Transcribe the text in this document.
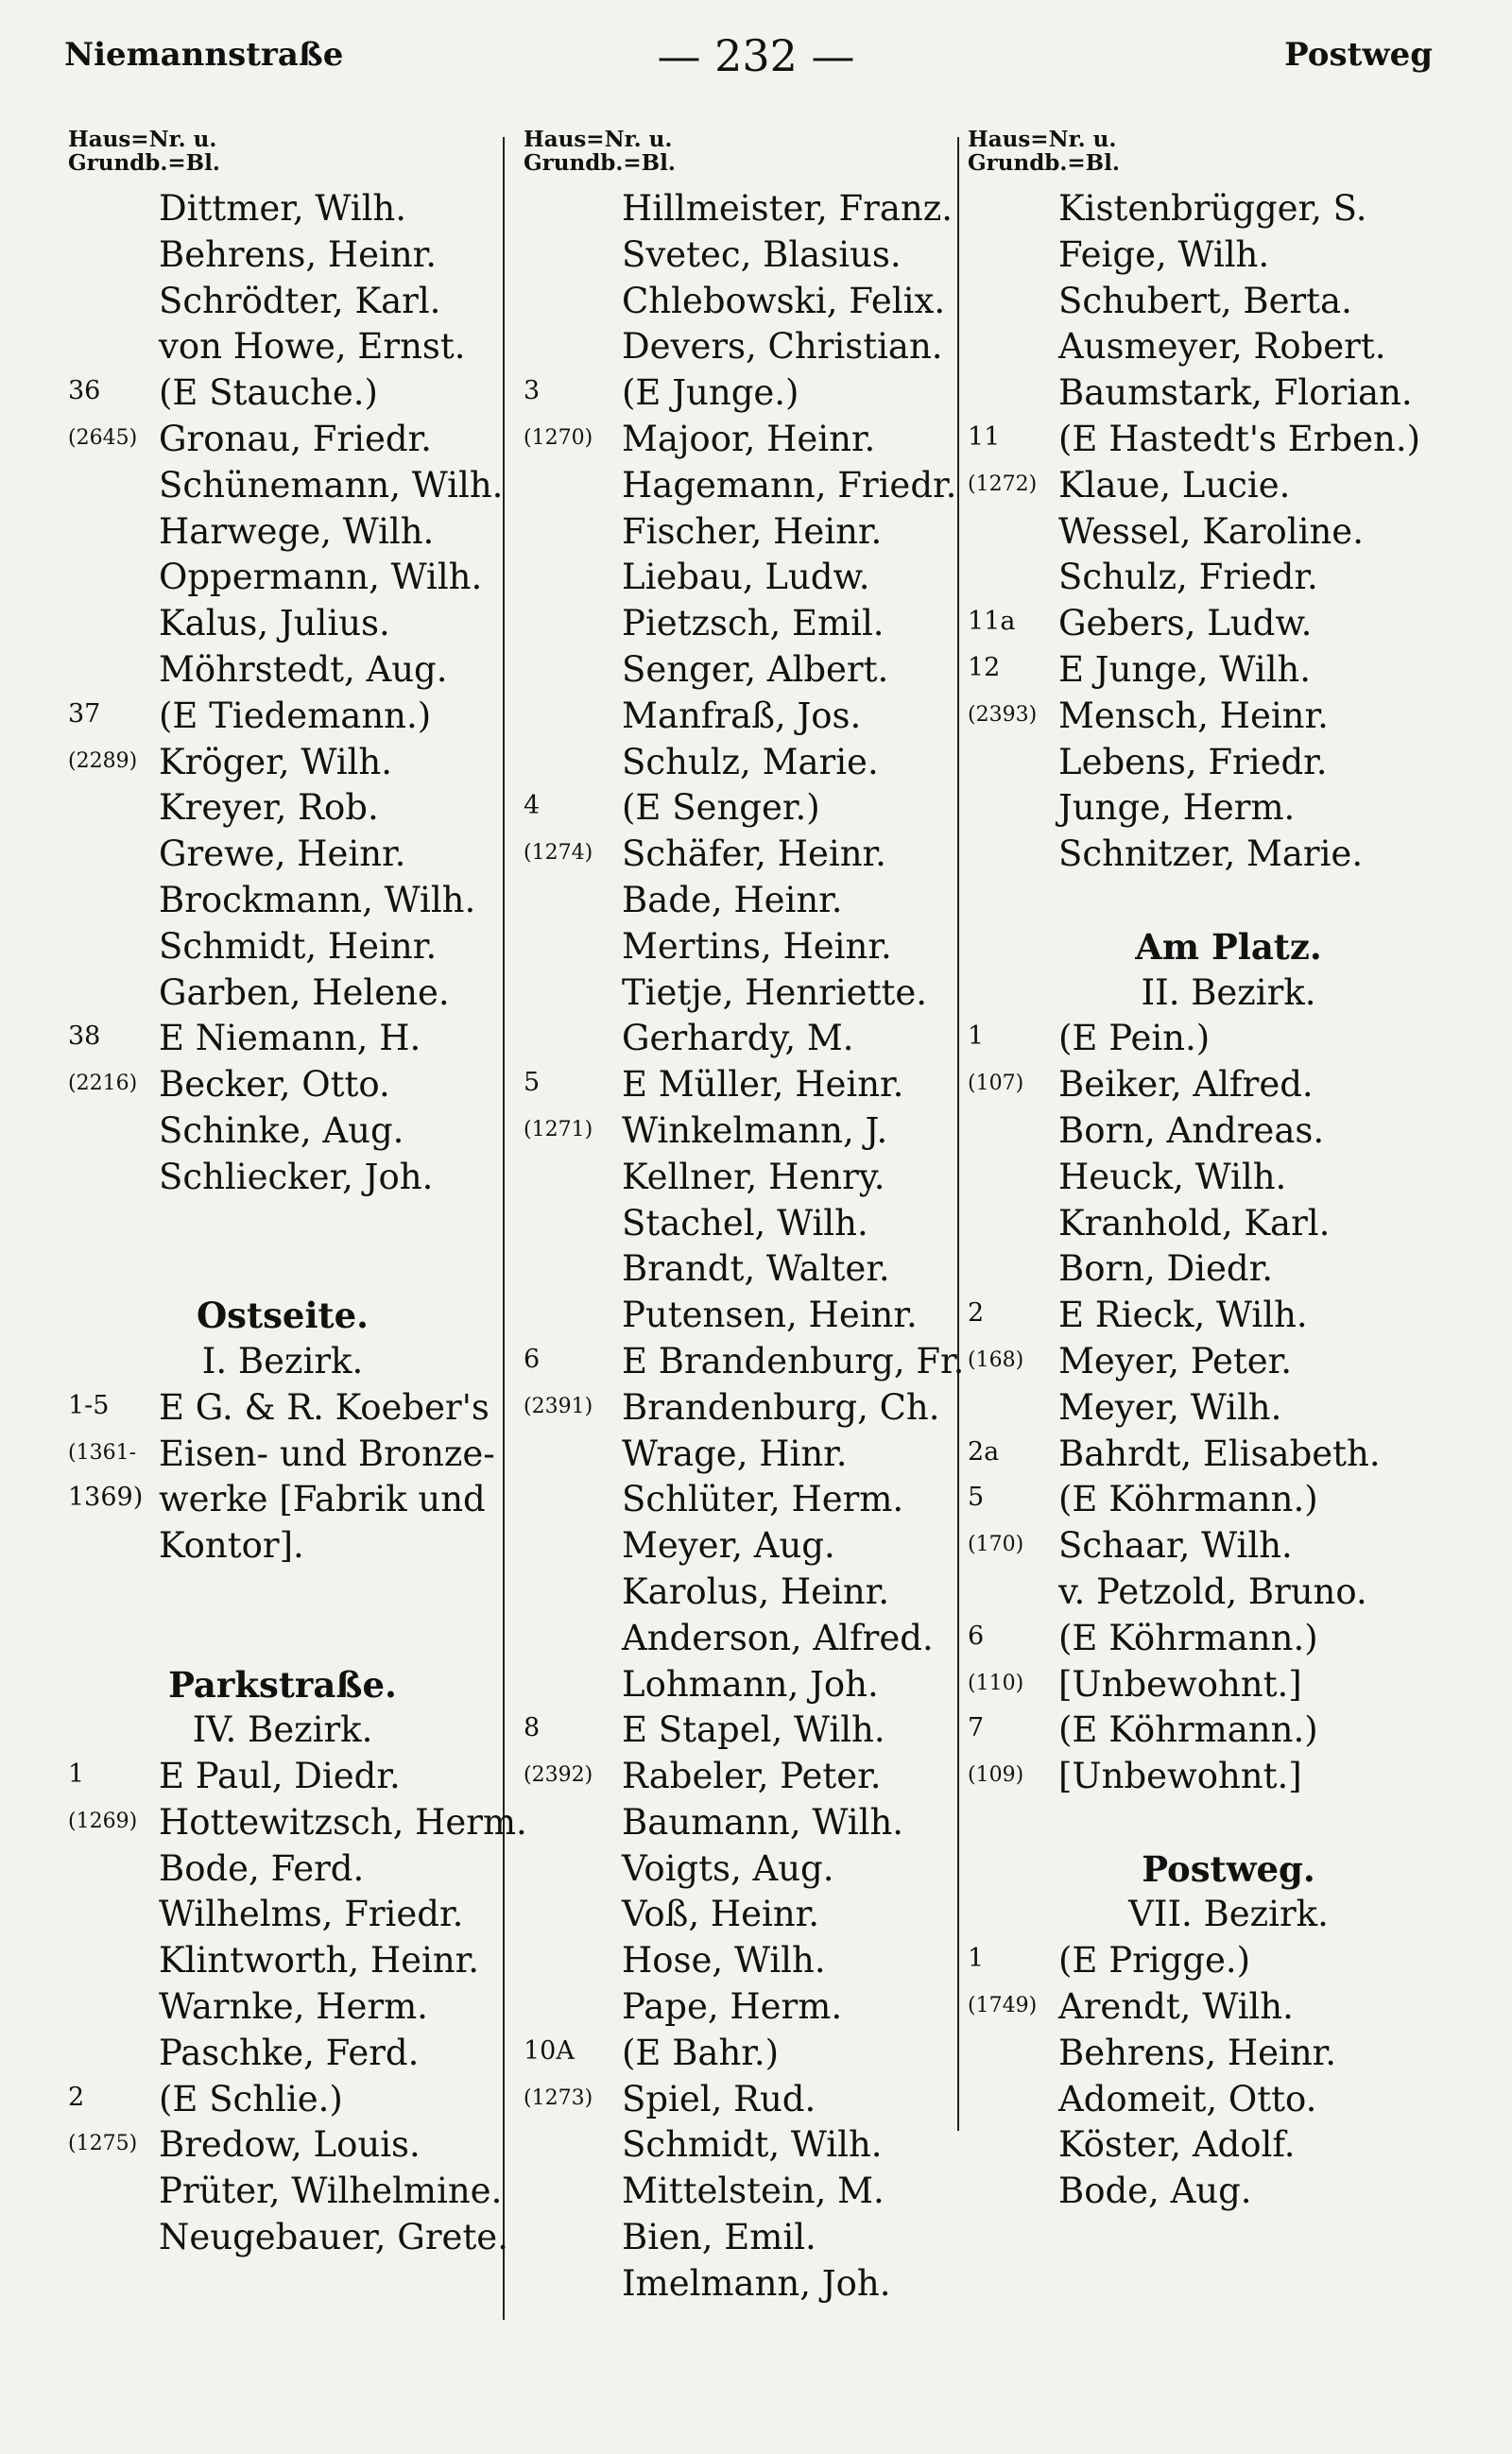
Niemannstraße	— 232 —	Postweg
Haus=Nr. u.
Grundb.=Bl.
Dittmer, Wilh.
Behrens, Heinr.
Schrödter, Karl.
von Howe, Ernst.
36 (E Stauche.)
(2645) Gronau, Friedr.
Schünemann, Wilh.
Harwege, Wilh.
Oppermann, Wilh.
Kalus, Julius.
Möhrstedt, Aug.
37 (E Tiedemann.)
(2289) Kröger, Wilh.
Kreyer, Rob.
Grewe, Heinr.
Brockmann, Wilh.
Schmidt, Heinr.
Garben, Helene.
38 E Niemann, H.
(2216) Becker, Otto.
Schinke, Aug.
Schliecker, Joh.
Ostseite.
I. Bezirk.
1-5 E G. & R. Koeber's
(1361- Eisen- und Bronze-
1369) werke [Fabrik und
Kontor].
Parkstraße.
IV. Bezirk.
1 E Paul, Diedr.
(1269) Hottewitzsch, Herm.
Bode, Ferd.
Wilhelms, Friedr.
Klintworth, Heinr.
Warnke, Herm.
Paschke, Ferd.
2 (E Schlie.)
(1275) Bredow, Louis.
Prüter, Wilhelmine.
Neugebauer, Grete.
Haus=Nr. u.
Grundb.=Bl.
Hillmeister, Franz.
Svetec, Blasius.
Chlebowski, Felix.
Devers, Christian.
3 (E Junge.)
(1270) Majoor, Heinr.
Hagemann, Friedr.
Fischer, Heinr.
Liebau, Ludw.
Pietzsch, Emil.
Senger, Albert.
Manfraß, Jos.
Schulz, Marie.
4 (E Senger.)
(1274) Schäfer, Heinr.
Bade, Heinr.
Mertins, Heinr.
Tietje, Henriette.
Gerhardy, M.
5 E Müller, Heinr.
(1271) Winkelmann, J.
Kellner, Henry.
Stachel, Wilh.
Brandt, Walter.
Putensen, Heinr.
6 E Brandenburg, Fr.
(2391) Brandenburg, Ch.
Wrage, Hinr.
Schlüter, Herm.
Meyer, Aug.
Karolus, Heinr.
Anderson, Alfred.
Lohmann, Joh.
8 E Stapel, Wilh.
(2392) Rabeler, Peter.
Baumann, Wilh.
Voigts, Aug.
Voß, Heinr.
Hose, Wilh.
Pape, Herm.
10A (E Bahr.)
(1273) Spiel, Rud.
Schmidt, Wilh.
Mittelstein, M.
Bien, Emil.
Imelmann, Joh.
Haus=Nr. u.
Grundb.=Bl.
Kistenbrügger, S.
Feige, Wilh.
Schubert, Berta.
Ausmeyer, Robert.
Baumstark, Florian.
11 (E Hastedt's Erben.)
(1272) Klaue, Lucie.
Wessel, Karoline.
Schulz, Friedr.
11a Gebers, Ludw.
12 E Junge, Wilh.
(2393) Mensch, Heinr.
Lebens, Friedr.
Junge, Herm.
Schnitzer, Marie.
Am Platz.
II. Bezirk.
1 (E Pein.)
(107) Beiker, Alfred.
Born, Andreas.
Heuck, Wilh.
Kranhold, Karl.
Born, Diedr.
2 E Rieck, Wilh.
(168) Meyer, Peter.
Meyer, Wilh.
2a Bahrdt, Elisabeth.
5 (E Köhrmann.)
(170) Schaar, Wilh.
v. Petzold, Bruno.
6 (E Köhrmann.)
(110) [Unbewohnt.]
7 (E Köhrmann.)
(109) [Unbewohnt.]
Postweg.
VII. Bezirk.
1 (E Prigge.)
(1749) Arendt, Wilh.
Behrens, Heinr.
Adomeit, Otto.
Köster, Adolf.
Bode, Aug.
